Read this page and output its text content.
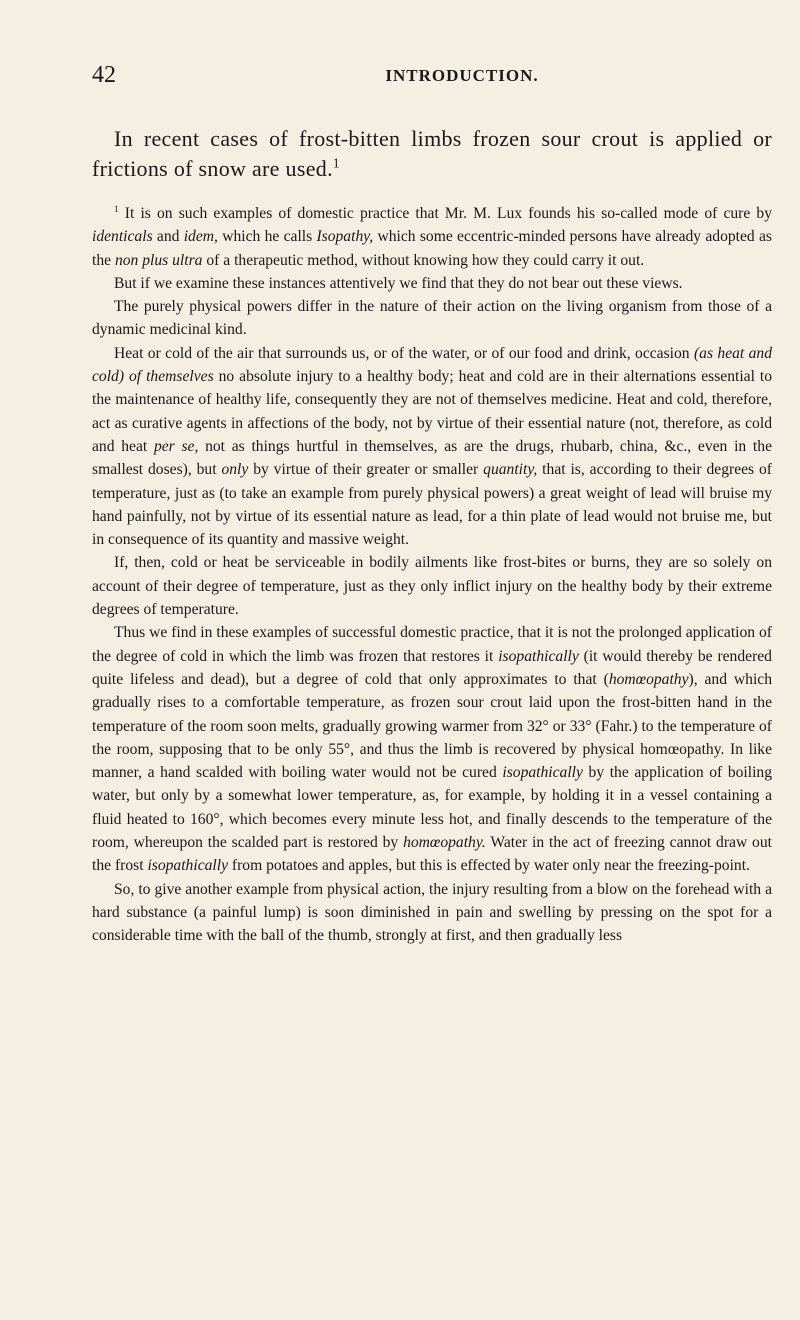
42	INTRODUCTION.

In recent cases of frost-bitten limbs frozen sour crout is applied or frictions of snow are used.$^1$

$^1$ It is on such examples of domestic practice that Mr. M. Lux founds his so-called mode of cure by identicals and idem, which he calls Isopathy, which some eccentric-minded persons have already adopted as the non plus ultra of a therapeutic method, without knowing how they could carry it out.

But if we examine these instances attentively we find that they do not bear out these views.

The purely physical powers differ in the nature of their action on the living organism from those of a dynamic medicinal kind.

Heat or cold of the air that surrounds us, or of the water, or of our food and drink, occasion (as heat and cold) of themselves no absolute injury to a healthy body; heat and cold are in their alternations essential to the maintenance of healthy life, consequently they are not of themselves medicine. Heat and cold, therefore, act as curative agents in affections of the body, not by virtue of their essential nature (not, therefore, as cold and heat per se, not as things hurtful in themselves, as are the drugs, rhubarb, china, &c., even in the smallest doses), but only by virtue of their greater or smaller quantity, that is, according to their degrees of temperature, just as (to take an example from purely physical powers) a great weight of lead will bruise my hand painfully, not by virtue of its essential nature as lead, for a thin plate of lead would not bruise me, but in consequence of its quantity and massive weight.

If, then, cold or heat be serviceable in bodily ailments like frost-bites or burns, they are so solely on account of their degree of temperature, just as they only inflict injury on the healthy body by their extreme degrees of temperature.

Thus we find in these examples of successful domestic practice, that it is not the prolonged application of the degree of cold in which the limb was frozen that restores it isopathically (it would thereby be rendered quite lifeless and dead), but a degree of cold that only approximates to that (homœopathy), and which gradually rises to a comfortable temperature, as frozen sour crout laid upon the frost-bitten hand in the temperature of the room soon melts, gradually growing warmer from 32° or 33° (Fahr.) to the temperature of the room, supposing that to be only 55°, and thus the limb is recovered by physical homœopathy. In like manner, a hand scalded with boiling water would not be cured isopathically by the application of boiling water, but only by a somewhat lower temperature, as, for example, by holding it in a vessel containing a fluid heated to 160°, which becomes every minute less hot, and finally descends to the temperature of the room, whereupon the scalded part is restored by homœopathy. Water in the act of freezing cannot draw out the frost isopathically from potatoes and apples, but this is effected by water only near the freezing-point.

So, to give another example from physical action, the injury resulting from a blow on the forehead with a hard substance (a painful lump) is soon diminished in pain and swelling by pressing on the spot for a considerable time with the ball of the thumb, strongly at first, and then gradually less
